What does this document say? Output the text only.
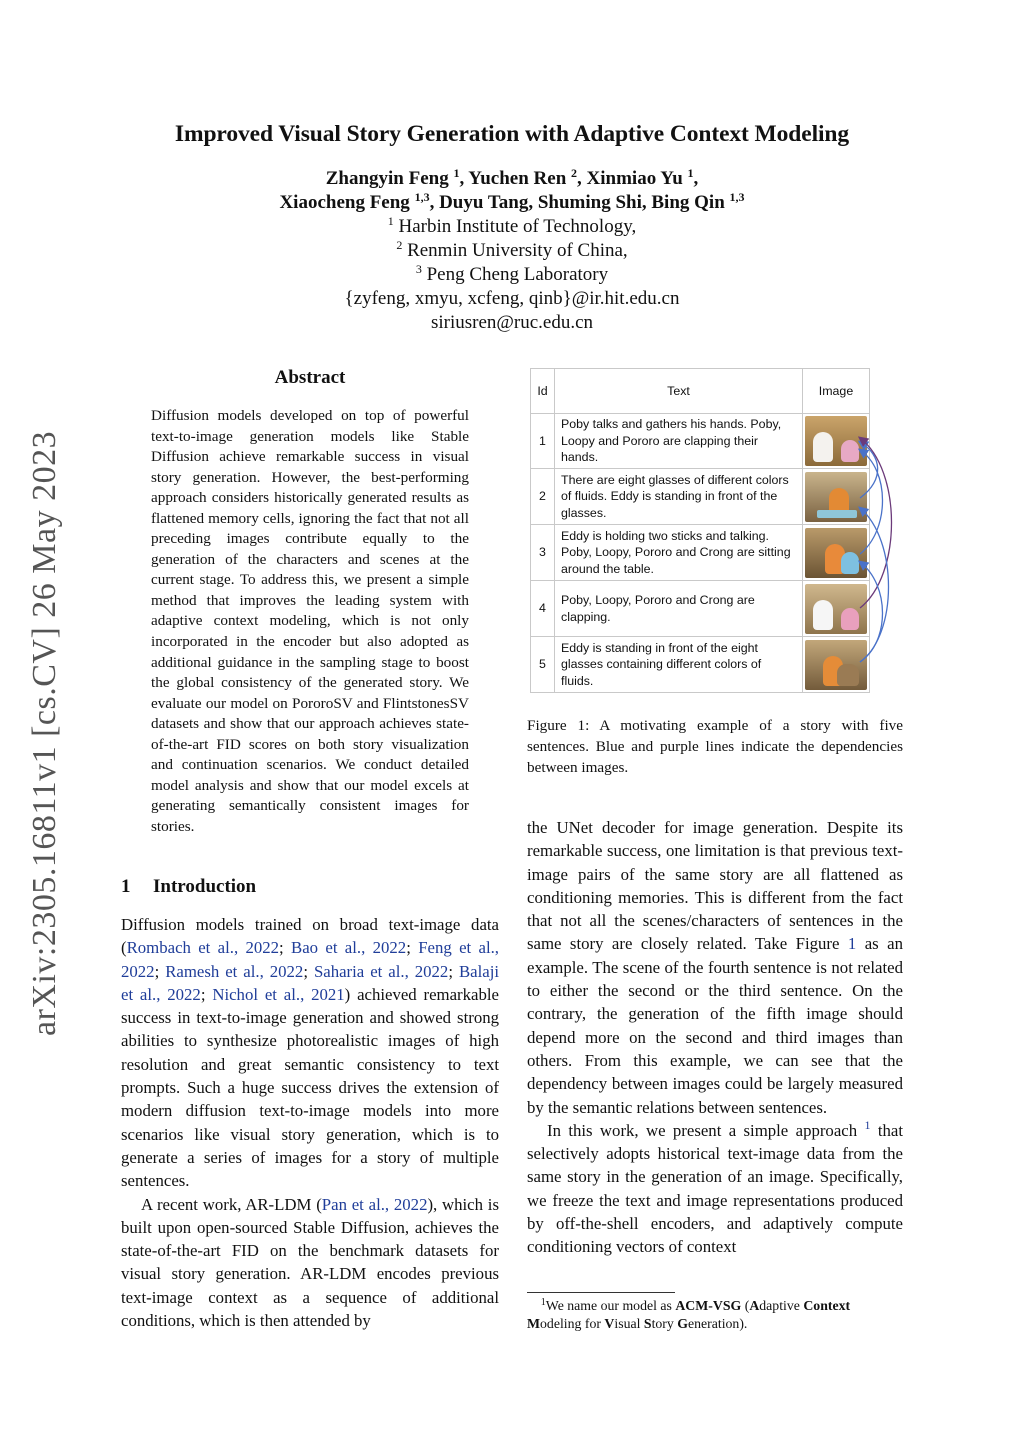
Improved Visual Story Generation with Adaptive Context Modeling
Zhangyin Feng $^1$, Yuchen Ren $^2$, Xinmiao Yu $^1$,
Xiaocheng Feng $^{1,3}$, Duyu Tang, Shuming Shi, Bing Qin $^{1,3}$
$^1$ Harbin Institute of Technology,
$^2$ Renmin University of China,
$^3$ Peng Cheng Laboratory
{zyfeng, xmyu, xcfeng, qinb}@ir.hit.edu.cn
siriusren@ruc.edu.cn
arXiv:2305.16811v1 [cs.CV] 26 May 2023
Abstract
Diffusion models developed on top of powerful text-to-image generation models like Stable Diffusion achieve remarkable success in visual story generation. However, the best-performing approach considers historically generated results as flattened memory cells, ignoring the fact that not all preceding images contribute equally to the generation of the characters and scenes at the current stage. To address this, we present a simple method that improves the leading system with adaptive context modeling, which is not only incorporated in the encoder but also adopted as additional guidance in the sampling stage to boost the global consistency of the generated story. We evaluate our model on PororoSV and FlintstonesSV datasets and show that our approach achieves state-of-the-art FID scores on both story visualization and continuation scenarios. We conduct detailed model analysis and show that our model excels at generating semantically consistent images for stories.
1 Introduction

Diffusion models trained on broad text-image data (Rombach et al., 2022; Bao et al., 2022; Feng et al., 2022; Ramesh et al., 2022; Saharia et al., 2022; Balaji et al., 2022; Nichol et al., 2021) achieved remarkable success in text-to-image generation and showed strong abilities to synthesize photorealistic images of high resolution and great semantic consistency to text prompts. Such a huge success drives the extension of modern diffusion text-to-image models into more scenarios like visual story generation, which is to generate a series of images for a story of multiple sentences.

A recent work, AR-LDM (Pan et al., 2022), which is built upon open-sourced Stable Diffusion, achieves the state-of-the-art FID on the benchmark datasets for visual story generation. AR-LDM encodes previous text-image context as a sequence of additional conditions, which is then attended by

Id	Text	Image
1	Poby talks and gathers his hands. Poby, Loopy and Pororo are clapping their hands.	

2	There are eight glasses of different colors of fluids. Eddy is standing in front of the glasses.	

3	Eddy is holding two sticks and talking. Poby, Loopy, Pororo and Crong are sitting around the table.	

4	Poby, Loopy, Pororo and Crong are clapping.	

5	Eddy is standing in front of the eight glasses containing different colors of fluids.	
Figure 1: A motivating example of a story with five sentences. Blue and purple lines indicate the dependencies between images.

the UNet decoder for image generation. Despite its remarkable success, one limitation is that previous text-image pairs of the same story are all flattened as conditioning memories. This is different from the fact that not all the scenes/characters of sentences in the same story are closely related. Take Figure 1 as an example. The scene of the fourth sentence is not related to either the second or the third sentence. On the contrary, the generation of the fifth image should depend more on the second and third images than others. From this example, we can see that the dependency between images could be largely measured by the semantic relations between sentences.

In this work, we present a simple approach $^1$ that selectively adopts historical text-image data from the same story in the generation of an image. Specifically, we freeze the text and image representations produced by off-the-shell encoders, and adaptively compute conditioning vectors of context

$^1$We name our model as ACM-VSG (Adaptive Context
Modeling for Visual Story Generation).
